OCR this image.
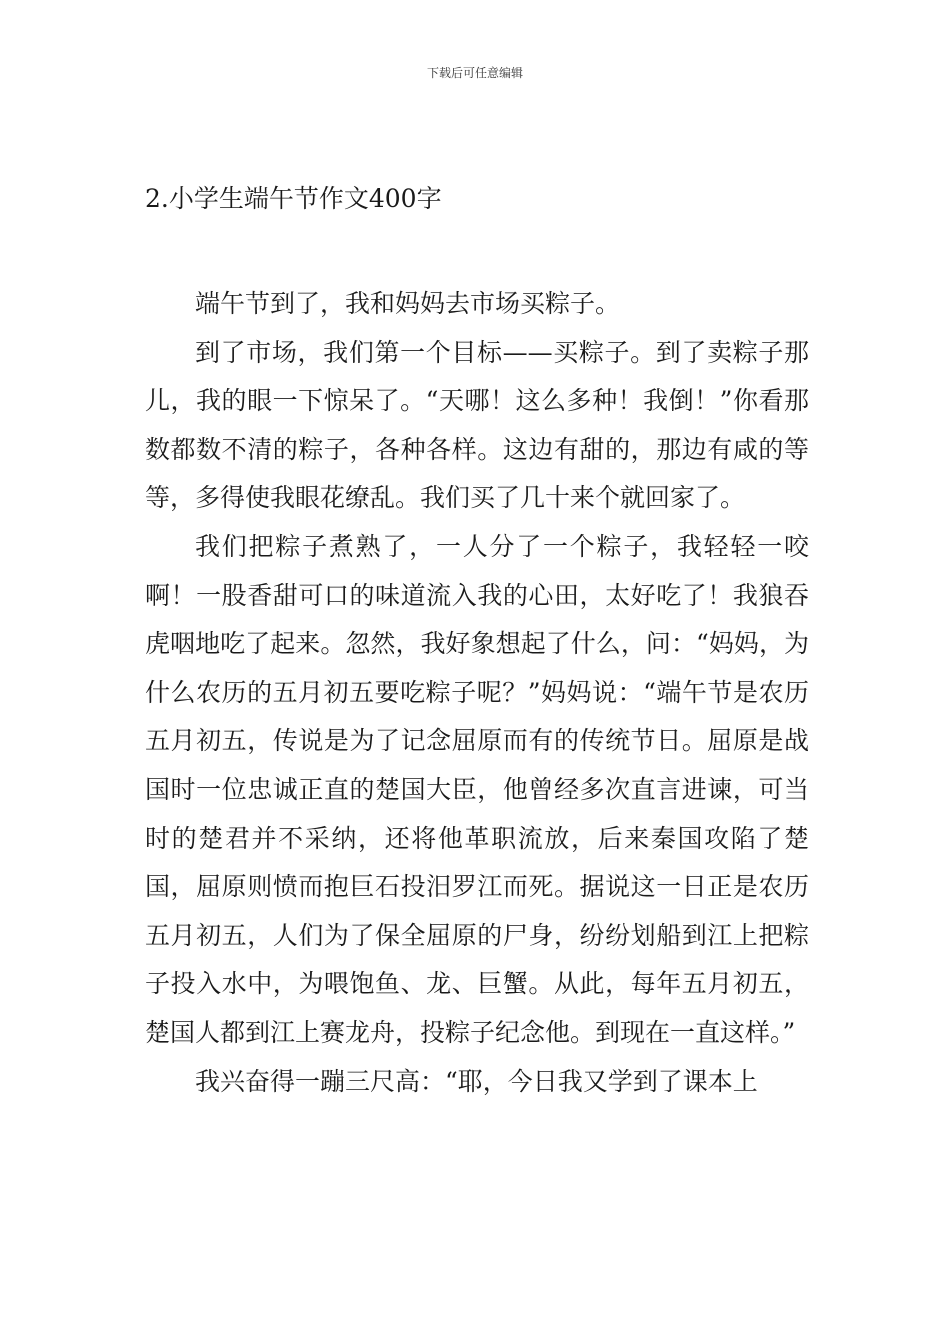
下载后可任意编辑
2.小学生端午节作文400字

端午节到了，我和妈妈去市场买粽子。

到了市场，我们第一个目标——买粽子。到了卖粽子那儿，我的眼一下惊呆了。“天哪！这么多种！我倒！”你看那数都数不清的粽子，各种各样。这边有甜的，那边有咸的等等，多得使我眼花缭乱。我们买了几十来个就回家了。

我们把粽子煮熟了，一人分了一个粽子，我轻轻一咬啊！一股香甜可口的味道流入我的心田，太好吃了！我狼吞虎咽地吃了起来。忽然，我好象想起了什么，问：“妈妈，为什么农历的五月初五要吃粽子呢？”妈妈说：“端午节是农历五月初五，传说是为了记念屈原而有的传统节日。屈原是战国时一位忠诚正直的楚国大臣，他曾经多次直言进谏，可当时的楚君并不采纳，还将他革职流放，后来秦国攻陷了楚国，屈原则愤而抱巨石投汨罗江而死。据说这一日正是农历五月初五，人们为了保全屈原的尸身，纷纷划船到江上把粽子投入水中，为喂饱鱼、龙、巨蟹。从此，每年五月初五，楚国人都到江上赛龙舟，投粽子纪念他。到现在一直这样。”

我兴奋得一蹦三尺高：“耶，今日我又学到了课本上
